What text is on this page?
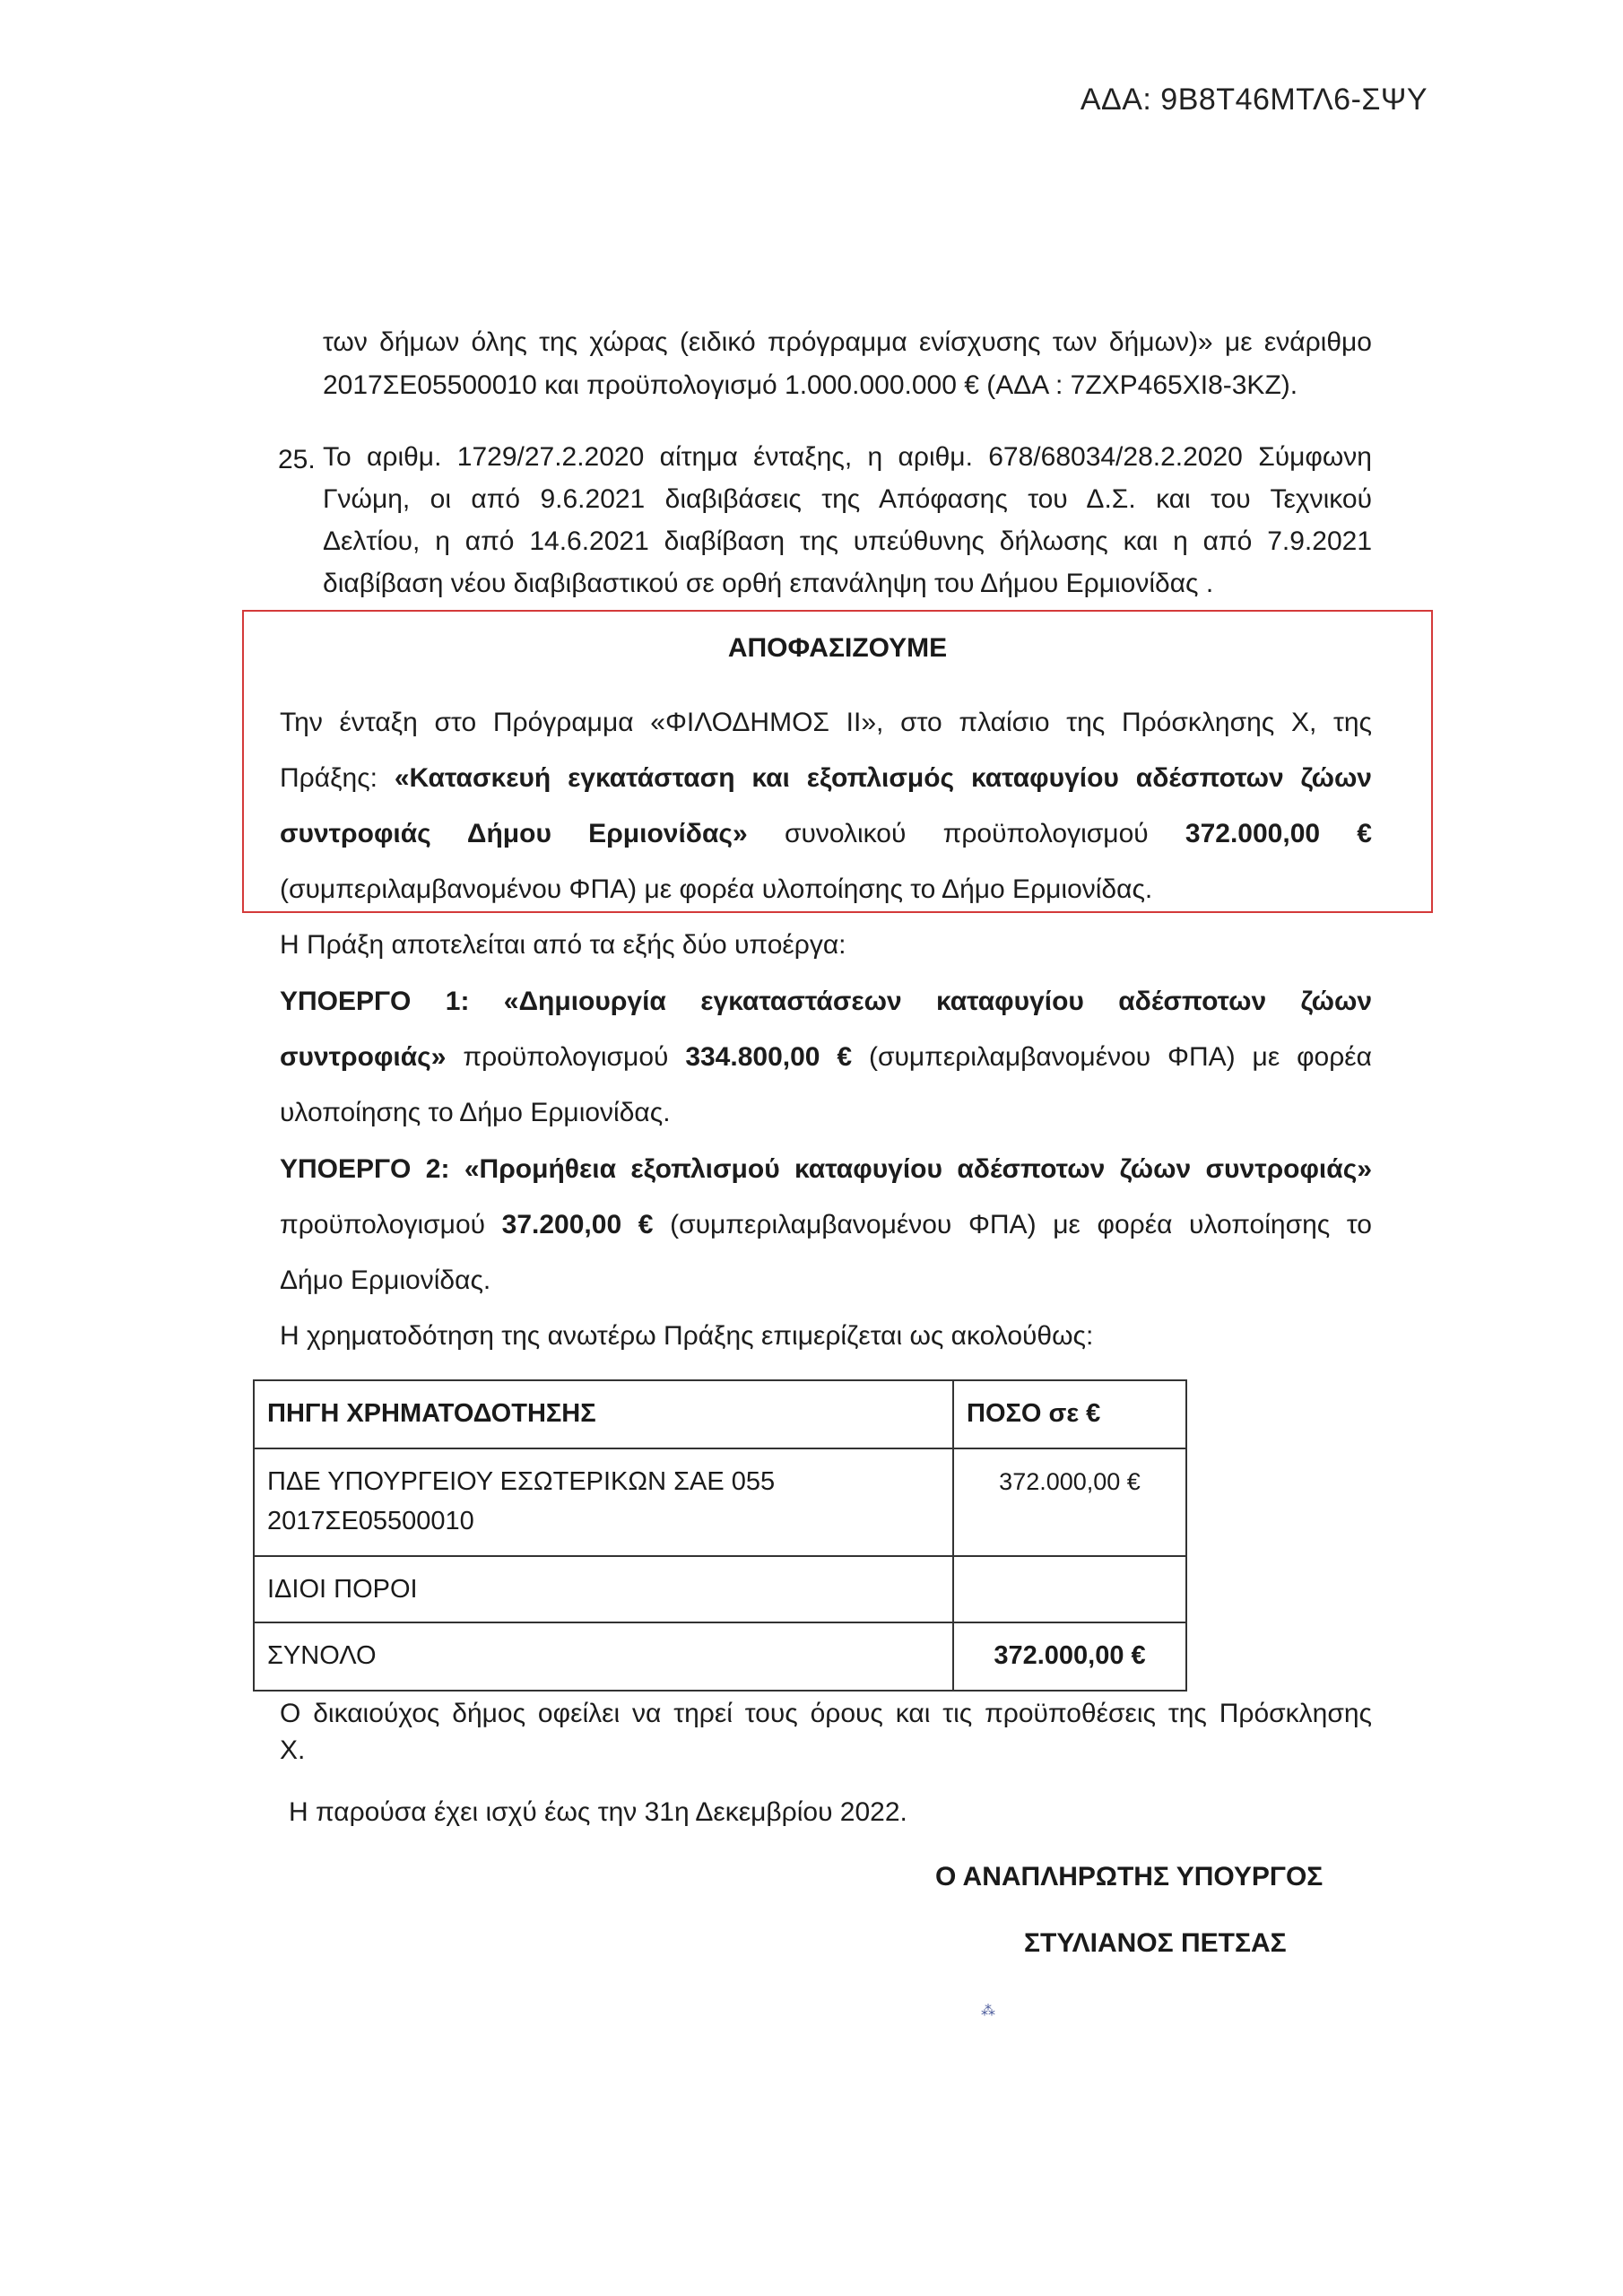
ΑΔΑ: 9Β8Τ46ΜΤΛ6-ΣΨΥ
των δήμων όλης της χώρας (ειδικό πρόγραμμα ενίσχυσης των δήμων)» με ενάριθμο
2017ΣΕ05500010 και προϋπολογισμό 1.000.000.000 € (ΑΔΑ : 7ΖΧΡ465ΧΙ8-3ΚΖ).
25. Το αριθμ. 1729/27.2.2020 αίτημα ένταξης, η αριθμ. 678/68034/28.2.2020 Σύμφωνη
Γνώμη, οι από 9.6.2021 διαβιβάσεις της Απόφασης του Δ.Σ. και του Τεχνικού
Δελτίου, η από 14.6.2021 διαβίβαση της υπεύθυνης δήλωσης και η από 7.9.2021
διαβίβαση νέου διαβιβαστικού σε ορθή επανάληψη του Δήμου Ερμιονίδας .
ΑΠΟΦΑΣΙΖΟΥΜΕ
Την ένταξη στο Πρόγραμμα «ΦΙΛΟΔΗΜΟΣ ΙΙ», στο πλαίσιο της Πρόσκλησης Χ, της
Πράξης: «Κατασκευή εγκατάσταση και εξοπλισμός καταφυγίου αδέσποτων ζώων
συντροφιάς Δήμου Ερμιονίδας» συνολικού προϋπολογισμού 372.000,00 €
(συμπεριλαμβανομένου ΦΠΑ) με φορέα υλοποίησης το Δήμο Ερμιονίδας.
Η Πράξη αποτελείται από τα εξής δύο υποέργα:
ΥΠΟΕΡΓΟ 1: «Δημιουργία εγκαταστάσεων καταφυγίου αδέσποτων ζώων
συντροφιάς» προϋπολογισμού 334.800,00 € (συμπεριλαμβανομένου ΦΠΑ) με φορέα
υλοποίησης το Δήμο Ερμιονίδας.
ΥΠΟΕΡΓΟ 2: «Προμήθεια εξοπλισμού καταφυγίου αδέσποτων ζώων συντροφιάς»
προϋπολογισμού 37.200,00 € (συμπεριλαμβανομένου ΦΠΑ) με φορέα υλοποίησης το
Δήμο Ερμιονίδας.
Η χρηματοδότηση της ανωτέρω Πράξης επιμερίζεται ως ακολούθως:
ΠΗΓΗ ΧΡΗΜΑΤΟΔΟΤΗΣΗΣ	ΠΟΣΟ σε €

ΠΔΕ ΥΠΟΥΡΓΕΙΟΥ ΕΣΩΤΕΡΙΚΩΝ ΣΑΕ 055
2017ΣΕ05500010	372.000,00 €
ΙΔΙΟΙ ΠΟΡΟΙ	
ΣΥΝΟΛΟ	372.000,00 €
Ο δικαιούχος δήμος οφείλει να τηρεί τους όρους και τις προϋποθέσεις της Πρόσκλησης
Χ.
Η παρούσα έχει ισχύ έως την 31η Δεκεμβρίου 2022.
Ο ΑΝΑΠΛΗΡΩΤΗΣ ΥΠΟΥΡΓΟΣ
ΣΤΥΛΙΑΝΟΣ ΠΕΤΣΑΣ
⁂
